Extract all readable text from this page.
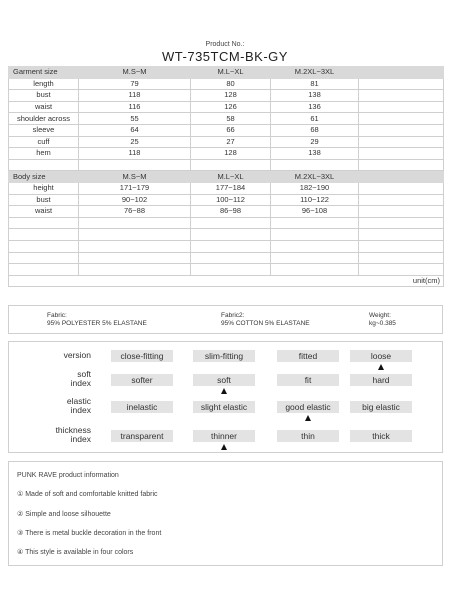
Product No.:
WT-735TCM-BK-GY
Garment size	M.S~M	M.L~XL	M.2XL~3XL	
length	79	80	81	
bust	118	128	138	
waist	116	126	136	
shoulder across	55	58	61	
sleeve	64	66	68	
cuff	25	27	29	
hem	118	128	138	

Body size	M.S~M	M.L~XL	M.2XL~3XL	
height	171~179	177~184	182~190	
bust	90~102	100~112	110~122	
waist	76~88	86~98	96~108	

				unit(cm)
Fabric:
95% POLYESTER 5% ELASTANE
Fabric2:
95% COTTON 5% ELASTANE
Weight:
kg~0.385
version	close-fitting	slim-fitting	fitted	loose
soft
index	softer	soft	fit	hard
elastic
index	inelastic	slight elastic	good elastic	big elastic
thickness
index	transparent	thinner	thin	thick
PUNK RAVE product information
① Made of soft and comfortable knitted fabric
② Simple and loose silhouette
③ There is metal buckle decoration in the front
④ This style is available in four colors
